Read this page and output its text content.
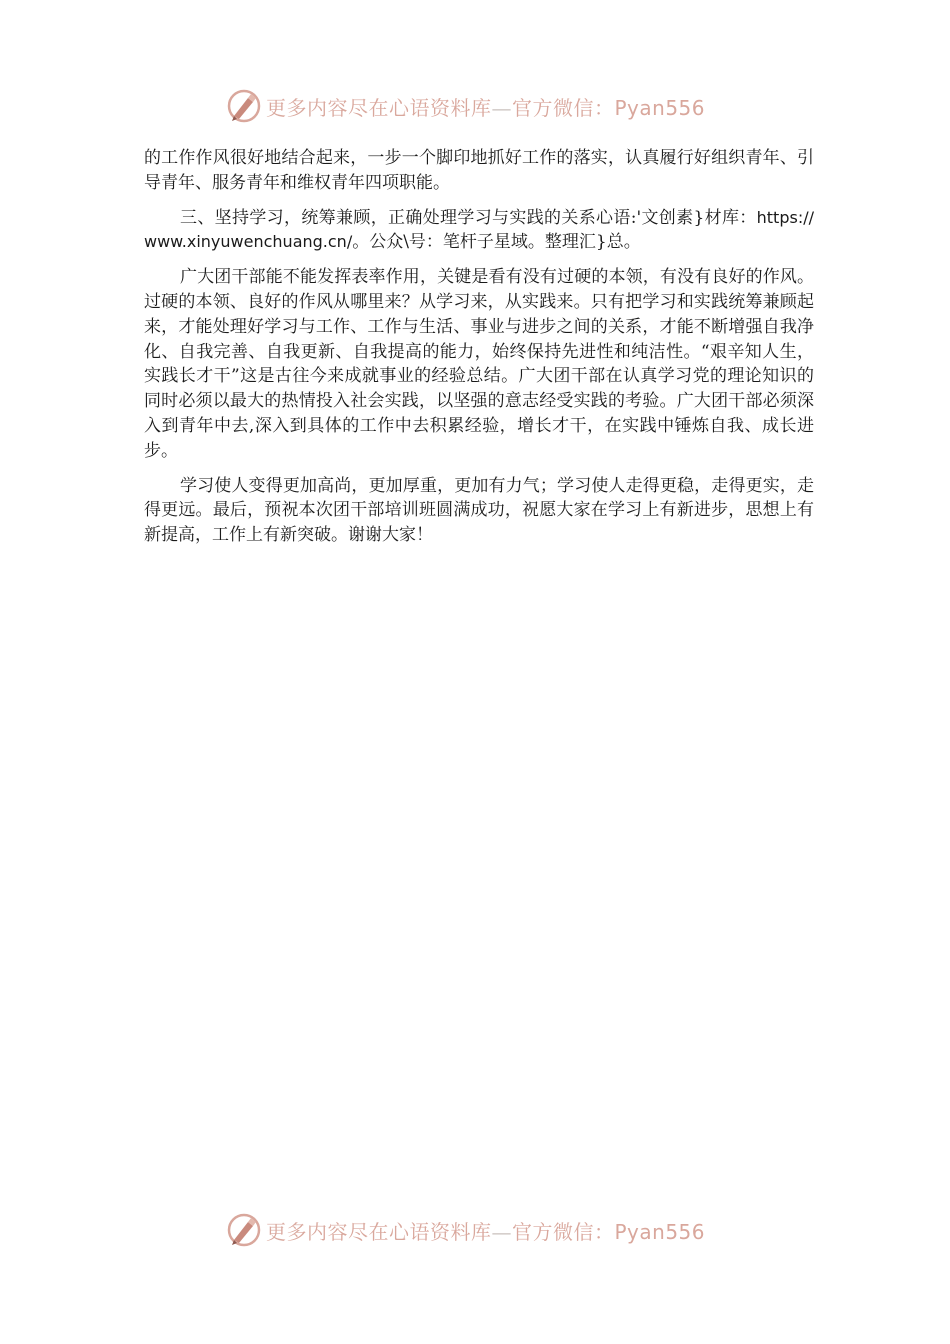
更多内容尽在心语资料库—官方微信：Pyan556

的工作作风很好地结合起来，一步一个脚印地抓好工作的落实，认真履行好组织青年、引导青年、服务青年和维权青年四项职能。

三、坚持学习，统筹兼顾，正确处理学习与实践的关系心语:'文创素}材库：https://www.xinyuwenchuang.cn/。公众\号：笔杆子星域。整理汇}总。

广大团干部能不能发挥表率作用，关键是看有没有过硬的本领，有没有良好的作风。过硬的本领、良好的作风从哪里来？从学习来，从实践来。只有把学习和实践统筹兼顾起来，才能处理好学习与工作、工作与生活、事业与进步之间的关系，才能不断增强自我净化、自我完善、自我更新、自我提高的能力，始终保持先进性和纯洁性。“艰辛知人生，实践长才干”这是古往今来成就事业的经验总结。广大团干部在认真学习党的理论知识的同时必须以最大的热情投入社会实践，以坚强的意志经受实践的考验。广大团干部必须深入到青年中去,深入到具体的工作中去积累经验，增长才干，在实践中锤炼自我、成长进步。

学习使人变得更加高尚，更加厚重，更加有力气；学习使人走得更稳，走得更实，走得更远。最后，预祝本次团干部培训班圆满成功，祝愿大家在学习上有新进步，思想上有新提高，工作上有新突破。谢谢大家！

更多内容尽在心语资料库—官方微信：Pyan556
